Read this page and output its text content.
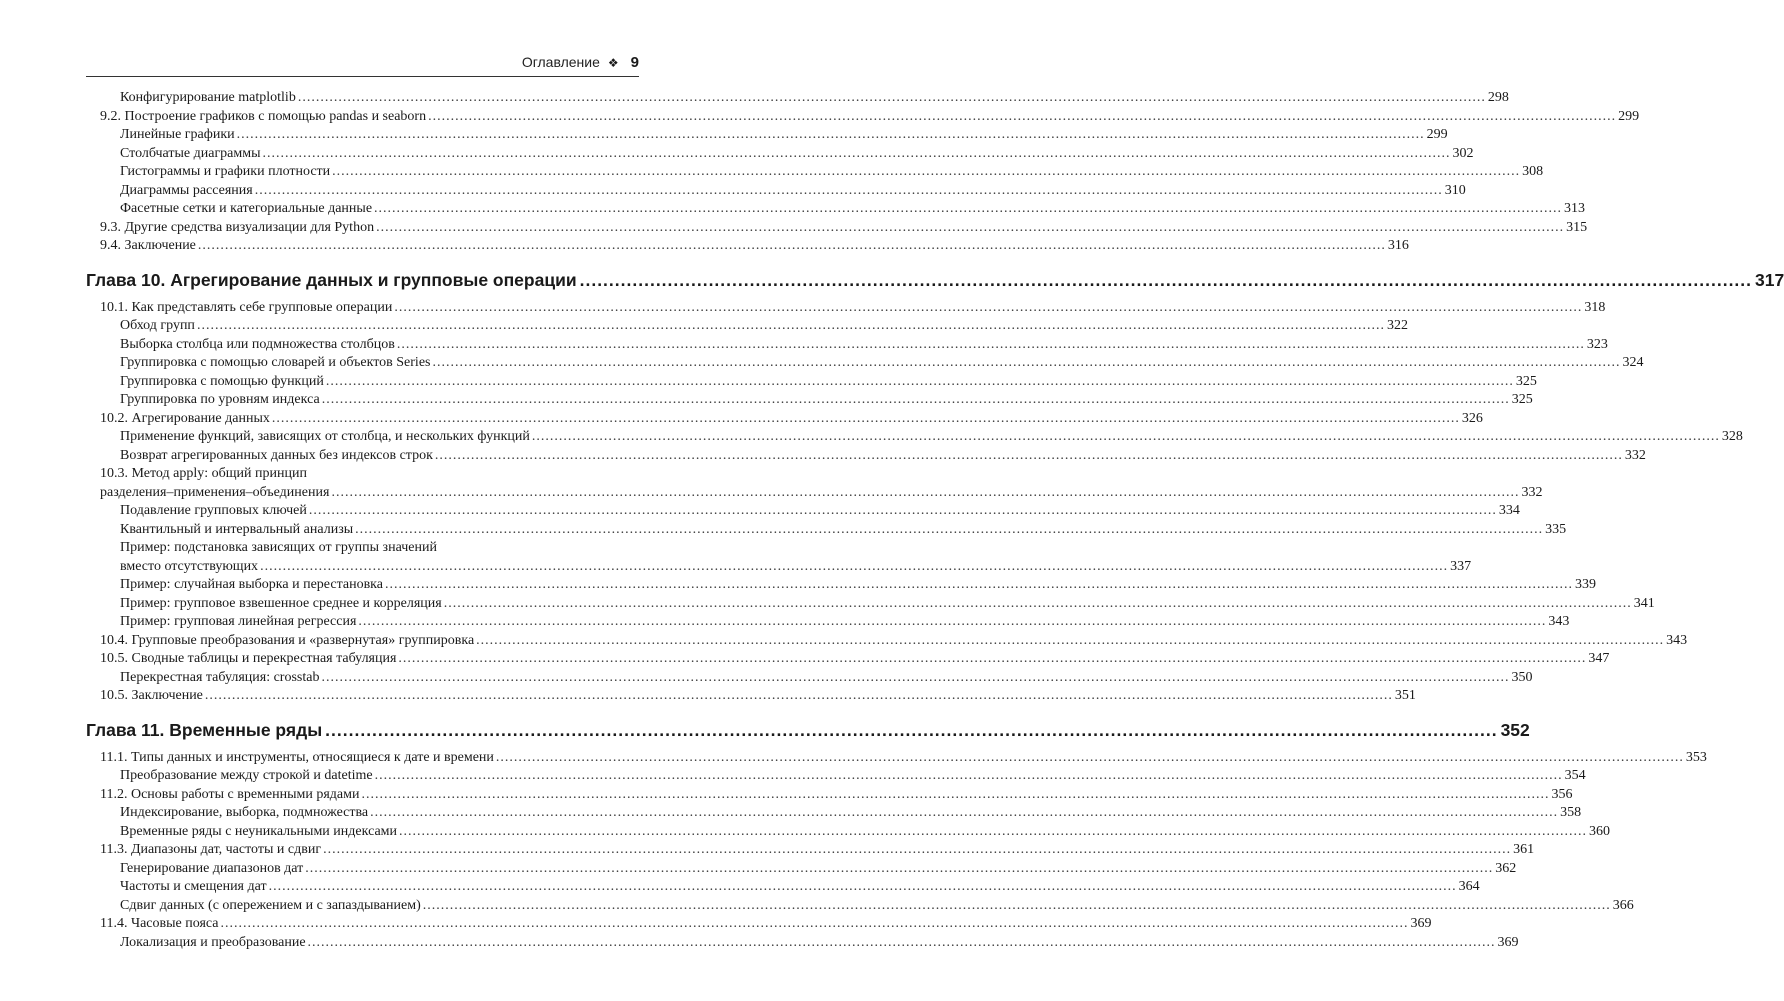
Оглавление ❖ 9
Конфигурирование matplotlib .....	298
9.2. Построение графиков с помощью pandas и seaborn .....	299
Линейные графики .....	299
Столбчатые диаграммы .....	302
Гистограммы и графики плотности .....	308
Диаграммы рассеяния .....	310
Фасетные сетки и категориальные данные .....	313
9.3. Другие средства визуализации для Python .....	315
9.4. Заключение .....	316
Глава 10. Агрегирование данных и групповые операции .....	317
10.1. Как представлять себе групповые операции .....	318
Обход групп .....	322
Выборка столбца или подмножества столбцов .....	323
Группировка с помощью словарей и объектов Series .....	324
Группировка с помощью функций .....	325
Группировка по уровням индекса .....	325
10.2. Агрегирование данных .....	326
Применение функций, зависящих от столбца, и нескольких функций .....	328
Возврат агрегированных данных без индексов строк .....	332
10.3. Метод apply: общий принцип
разделения–применения–объединения .....	332
Подавление групповых ключей .....	334
Квантильный и интервальный анализы .....	335
Пример: подстановка зависящих от группы значений
вместо отсутствующих .....	337
Пример: случайная выборка и перестановка .....	339
Пример: групповое взвешенное среднее и корреляция .....	341
Пример: групповая линейная регрессия .....	343
10.4. Групповые преобразования и «развернутая» группировка .....	343
10.5. Сводные таблицы и перекрестная табуляция .....	347
Перекрестная табуляция: crosstab .....	350
10.5. Заключение .....	351
Глава 11. Временные ряды .....	352
11.1. Типы данных и инструменты, относящиеся к дате и времени .....	353
Преобразование между строкой и datetime .....	354
11.2. Основы работы с временными рядами .....	356
Индексирование, выборка, подмножества .....	358
Временные ряды с неуникальными индексами .....	360
11.3. Диапазоны дат, частоты и сдвиг .....	361
Генерирование диапазонов дат .....	362
Частоты и смещения дат .....	364
Сдвиг данных (с опережением и с запаздыванием) .....	366
11.4. Часовые пояса .....	369
Локализация и преобразование .....	369
